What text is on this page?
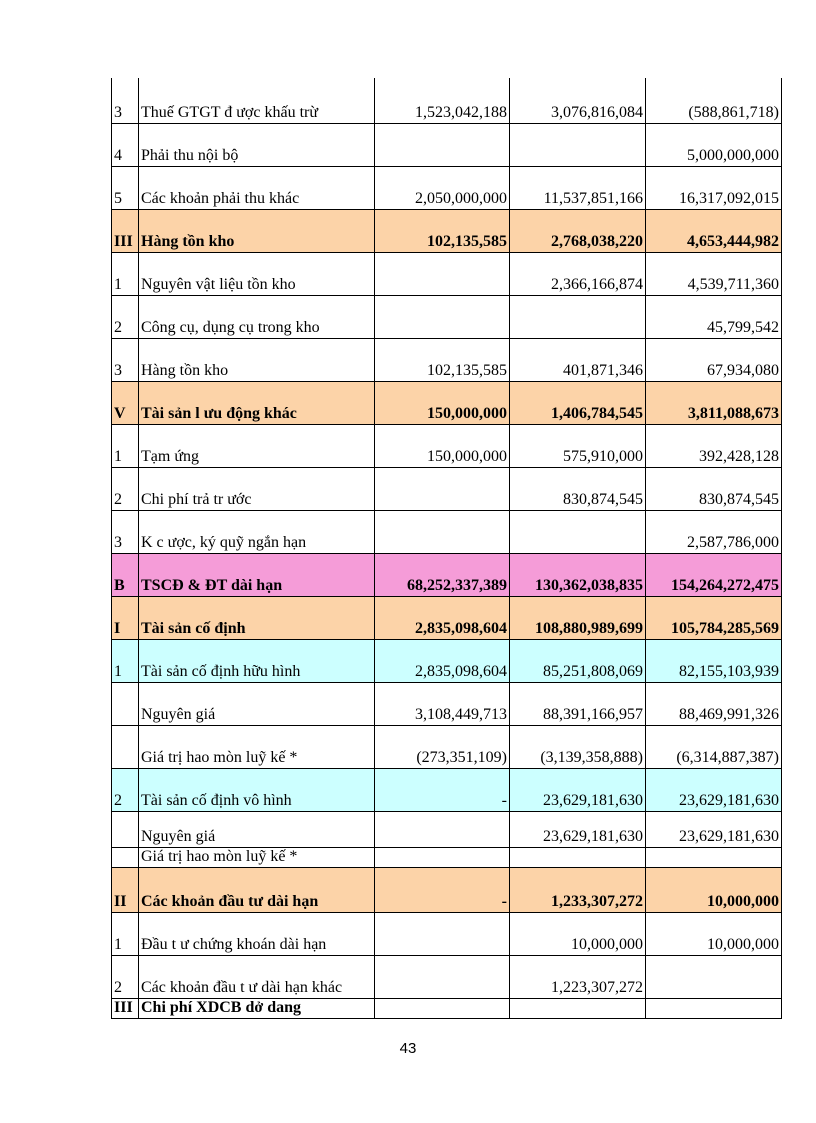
3	Thuế GTGT đ ược khấu trừ	1,523,042,188	3,076,816,084	(588,861,718)
4	Phải thu nội bộ			5,000,000,000
5	Các khoản phải thu khác	2,050,000,000	11,537,851,166	16,317,092,015
III	Hàng tồn kho	102,135,585	2,768,038,220	4,653,444,982
1	Nguyên vật liệu tồn kho		2,366,166,874	4,539,711,360
2	Công cụ, dụng cụ trong kho			45,799,542
3	Hàng tồn kho	102,135,585	401,871,346	67,934,080
V	Tài sản l ưu động khác	150,000,000	1,406,784,545	3,811,088,673
1	Tạm ứng	150,000,000	575,910,000	392,428,128
2	Chi phí trả tr ước		830,874,545	830,874,545
3	K c ược, ký quỹ ngắn hạn			2,587,786,000
B	TSCĐ & ĐT dài hạn	68,252,337,389	130,362,038,835	154,264,272,475
I	Tài sản cố định	2,835,098,604	108,880,989,699	105,784,285,569
1	Tài sản cố định hữu hình	2,835,098,604	85,251,808,069	82,155,103,939
	Nguyên giá	3,108,449,713	88,391,166,957	88,469,991,326
	Giá trị hao mòn luỹ kế *	(273,351,109)	(3,139,358,888)	(6,314,887,387)
2	Tài sản cố định vô hình	-	23,629,181,630	23,629,181,630
	Nguyên giá		23,629,181,630	23,629,181,630
	Giá trị hao mòn luỹ kế *			
II	Các khoản đầu tư dài hạn	-	1,233,307,272	10,000,000
1	Đầu t ư chứng khoán dài hạn		10,000,000	10,000,000
2	Các khoản đầu t ư dài hạn khác		1,223,307,272	
III	Chi phí XDCB dở dang			
43
